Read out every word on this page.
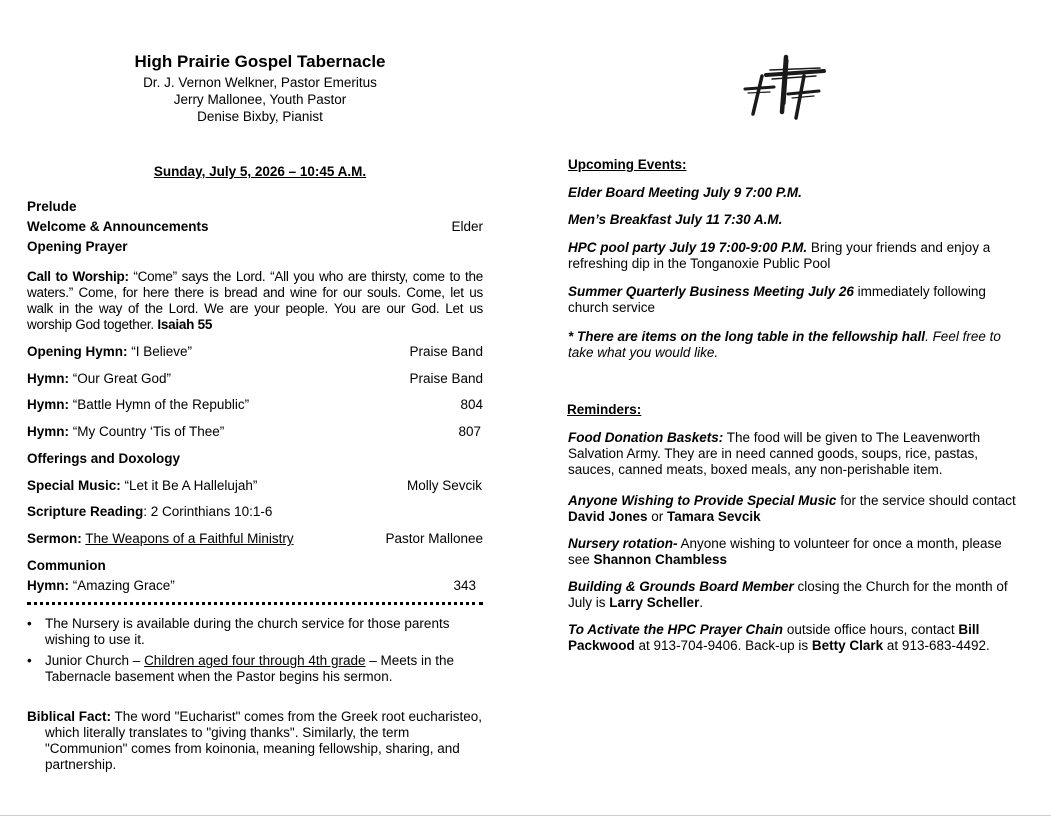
High Prairie Gospel Tabernacle
Dr. J. Vernon Welkner, Pastor Emeritus
Jerry Mallonee, Youth Pastor
Denise Bixby, Pianist
Sunday, July 5, 2026 – 10:45 A.M.
Prelude
Welcome & Announcements	Elder
Opening Prayer
Call to Worship: “Come” says the Lord. “All you who are thirsty, come to the waters.” Come, for here there is bread and wine for our souls. Come, let us walk in the way of the Lord. We are your people. You are our God. Let us worship God together. Isaiah 55
Opening Hymn: “I Believe”	Praise Band
Hymn: “Our Great God”	Praise Band
Hymn: “Battle Hymn of the Republic”	804
Hymn: “My Country ‘Tis of Thee”	807
Offerings and Doxology
Special Music: “Let it Be A Hallelujah”	Molly Sevcik
Scripture Reading: 2 Corinthians 10:1-6
Sermon: The Weapons of a Faithful Ministry	Pastor Mallonee
Communion
Hymn: “Amazing Grace”	343
• The Nursery is available during the church service for those parents wishing to use it.
• Junior Church – Children aged four through 4th grade – Meets in the Tabernacle basement when the Pastor begins his sermon.
Biblical Fact: The word "Eucharist" comes from the Greek root eucharisteo, which literally translates to "giving thanks". Similarly, the term "Communion" comes from koinonia, meaning fellowship, sharing, and partnership.
Upcoming Events:
Elder Board Meeting July 9 7:00 P.M.
Men’s Breakfast July 11 7:30 A.M.
HPC pool party July 19 7:00-9:00 P.M. Bring your friends and enjoy a refreshing dip in the Tonganoxie Public Pool
Summer Quarterly Business Meeting July 26 immediately following church service
* There are items on the long table in the fellowship hall. Feel free to take what you would like.
Reminders:
Food Donation Baskets: The food will be given to The Leavenworth Salvation Army. They are in need canned goods, soups, rice, pastas, sauces, canned meats, boxed meals, any non-perishable item.
Anyone Wishing to Provide Special Music for the service should contact David Jones or Tamara Sevcik
Nursery rotation- Anyone wishing to volunteer for once a month, please see Shannon Chambless
Building & Grounds Board Member closing the Church for the month of July is Larry Scheller.
To Activate the HPC Prayer Chain outside office hours, contact Bill Packwood at 913-704-9406. Back-up is Betty Clark at 913-683-4492.
